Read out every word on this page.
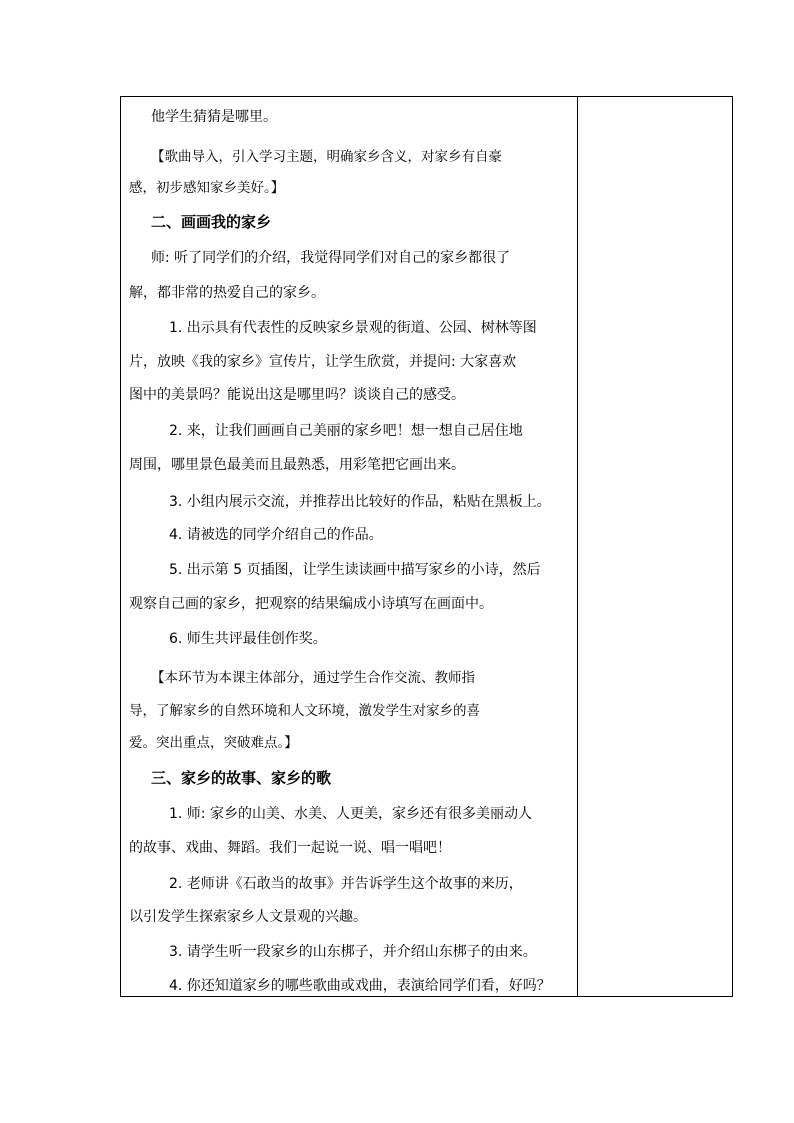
他学生猜猜是哪里。
【歌曲导入，引入学习主题，明确家乡含义，对家乡有自豪
感，初步感知家乡美好。】
二、画画我的家乡
师: 听了同学们的介绍，我觉得同学们对自己的家乡都很了
解，都非常的热爱自己的家乡。
1. 出示具有代表性的反映家乡景观的街道、公园、树林等图
片，放映《我的家乡》宣传片，让学生欣赏，并提问: 大家喜欢
图中的美景吗？能说出这是哪里吗？谈谈自己的感受。
2. 来，让我们画画自己美丽的家乡吧！想一想自己居住地
周围，哪里景色最美而且最熟悉，用彩笔把它画出来。
3. 小组内展示交流，并推荐出比较好的作品，粘贴在黑板上。
4. 请被选的同学介绍自己的作品。
5. 出示第 5 页插图，让学生读读画中描写家乡的小诗，然后
观察自己画的家乡，把观察的结果编成小诗填写在画面中。
6. 师生共评最佳创作奖。
【本环节为本课主体部分，通过学生合作交流、教师指
导，了解家乡的自然环境和人文环境，激发学生对家乡的喜
爱。突出重点，突破难点。】
三、家乡的故事、家乡的歌
1. 师: 家乡的山美、水美、人更美，家乡还有很多美丽动人
的故事、戏曲、舞蹈。我们一起说一说、唱一唱吧！
2. 老师讲《石敢当的故事》并告诉学生这个故事的来历，
以引发学生探索家乡人文景观的兴趣。
3. 请学生听一段家乡的山东梆子，并介绍山东梆子的由来。
4. 你还知道家乡的哪些歌曲或戏曲，表演给同学们看，好吗？
